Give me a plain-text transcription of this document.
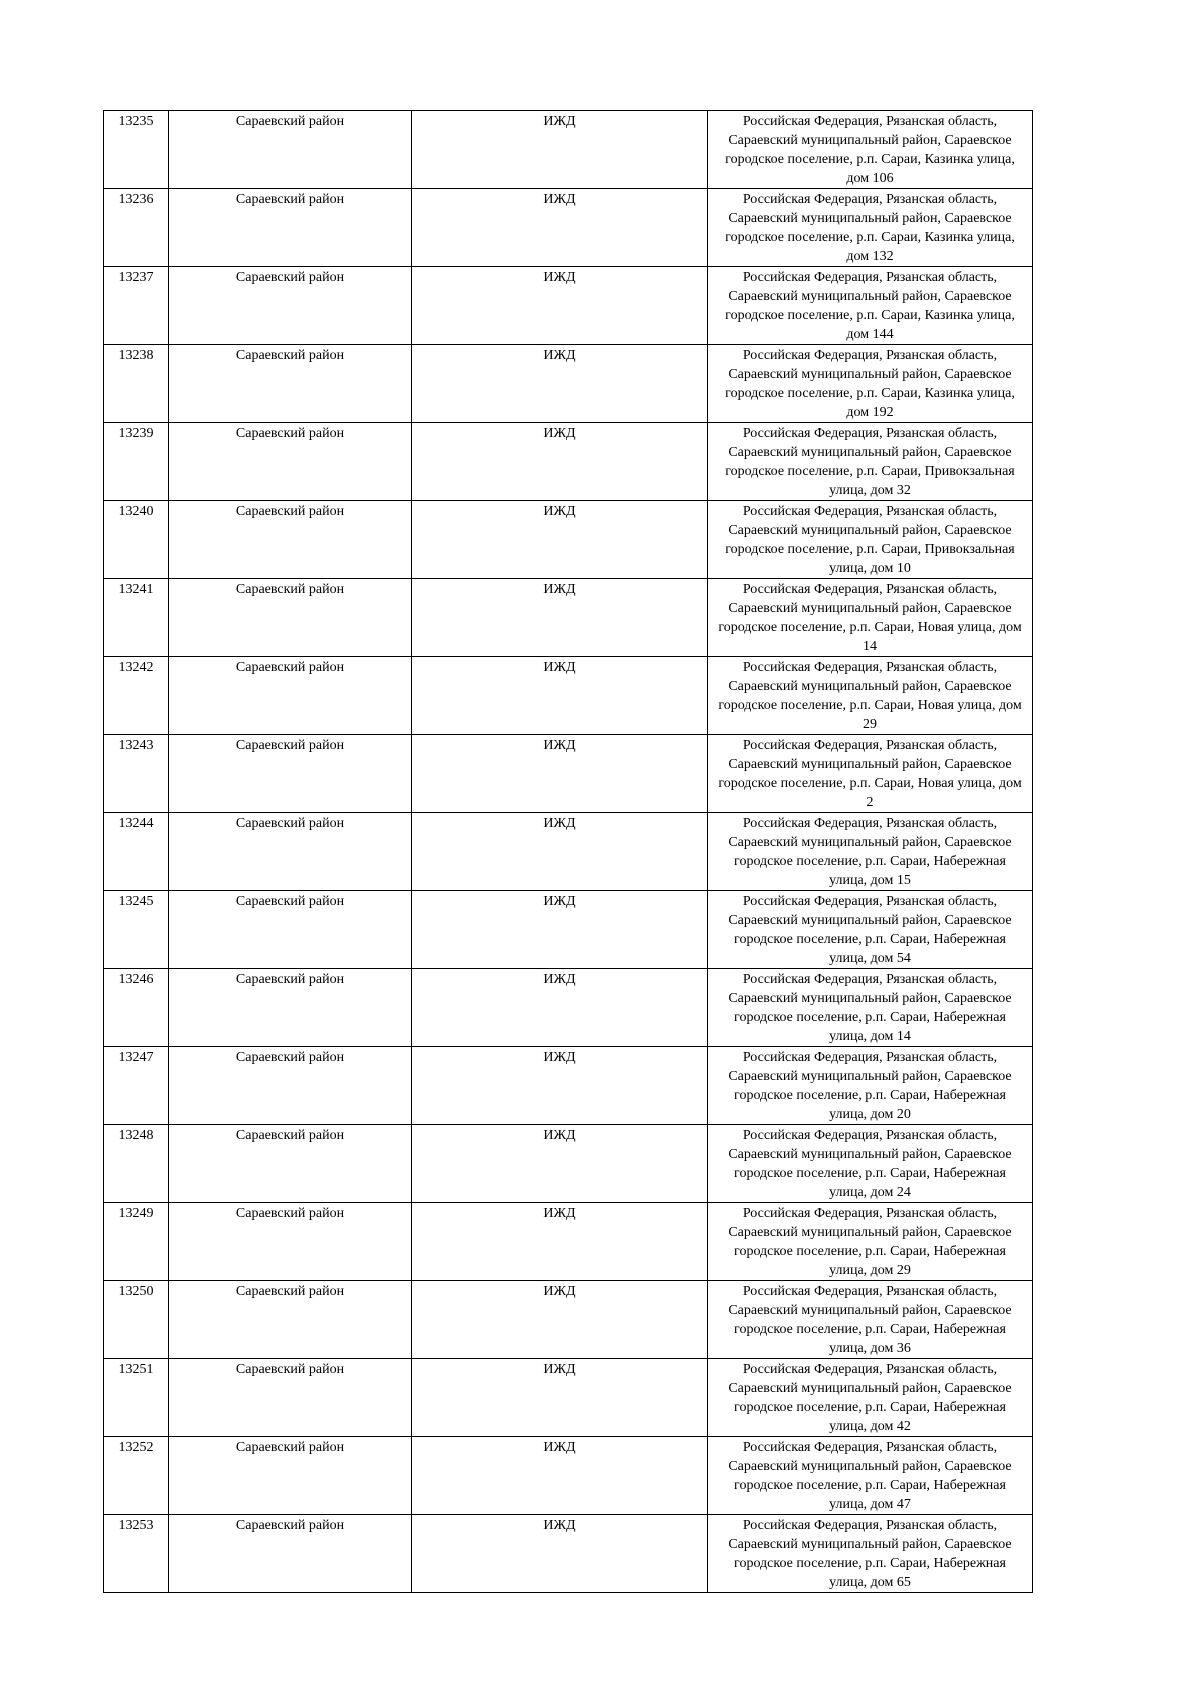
13235	Сараевский район	ИЖД	Российская Федерация, Рязанская область, Сараевский муниципальный район, Сараевское городское поселение, р.п. Сараи, Казинка улица, дом 106
13236	Сараевский район	ИЖД	Российская Федерация, Рязанская область, Сараевский муниципальный район, Сараевское городское поселение, р.п. Сараи, Казинка улица, дом 132
13237	Сараевский район	ИЖД	Российская Федерация, Рязанская область, Сараевский муниципальный район, Сараевское городское поселение, р.п. Сараи, Казинка улица, дом 144
13238	Сараевский район	ИЖД	Российская Федерация, Рязанская область, Сараевский муниципальный район, Сараевское городское поселение, р.п. Сараи, Казинка улица, дом 192
13239	Сараевский район	ИЖД	Российская Федерация, Рязанская область, Сараевский муниципальный район, Сараевское городское поселение, р.п. Сараи, Привокзальная улица, дом 32
13240	Сараевский район	ИЖД	Российская Федерация, Рязанская область, Сараевский муниципальный район, Сараевское городское поселение, р.п. Сараи, Привокзальная улица, дом 10
13241	Сараевский район	ИЖД	Российская Федерация, Рязанская область, Сараевский муниципальный район, Сараевское городское поселение, р.п. Сараи, Новая улица, дом 14
13242	Сараевский район	ИЖД	Российская Федерация, Рязанская область, Сараевский муниципальный район, Сараевское городское поселение, р.п. Сараи, Новая улица, дом 29
13243	Сараевский район	ИЖД	Российская Федерация, Рязанская область, Сараевский муниципальный район, Сараевское городское поселение, р.п. Сараи, Новая улица, дом 2
13244	Сараевский район	ИЖД	Российская Федерация, Рязанская область, Сараевский муниципальный район, Сараевское городское поселение, р.п. Сараи, Набережная улица, дом 15
13245	Сараевский район	ИЖД	Российская Федерация, Рязанская область, Сараевский муниципальный район, Сараевское городское поселение, р.п. Сараи, Набережная улица, дом 54
13246	Сараевский район	ИЖД	Российская Федерация, Рязанская область, Сараевский муниципальный район, Сараевское городское поселение, р.п. Сараи, Набережная улица, дом 14
13247	Сараевский район	ИЖД	Российская Федерация, Рязанская область, Сараевский муниципальный район, Сараевское городское поселение, р.п. Сараи, Набережная улица, дом 20
13248	Сараевский район	ИЖД	Российская Федерация, Рязанская область, Сараевский муниципальный район, Сараевское городское поселение, р.п. Сараи, Набережная улица, дом 24
13249	Сараевский район	ИЖД	Российская Федерация, Рязанская область, Сараевский муниципальный район, Сараевское городское поселение, р.п. Сараи, Набережная улица, дом 29
13250	Сараевский район	ИЖД	Российская Федерация, Рязанская область, Сараевский муниципальный район, Сараевское городское поселение, р.п. Сараи, Набережная улица, дом 36
13251	Сараевский район	ИЖД	Российская Федерация, Рязанская область, Сараевский муниципальный район, Сараевское городское поселение, р.п. Сараи, Набережная улица, дом 42
13252	Сараевский район	ИЖД	Российская Федерация, Рязанская область, Сараевский муниципальный район, Сараевское городское поселение, р.п. Сараи, Набережная улица, дом 47
13253	Сараевский район	ИЖД	Российская Федерация, Рязанская область, Сараевский муниципальный район, Сараевское городское поселение, р.п. Сараи, Набережная улица, дом 65
